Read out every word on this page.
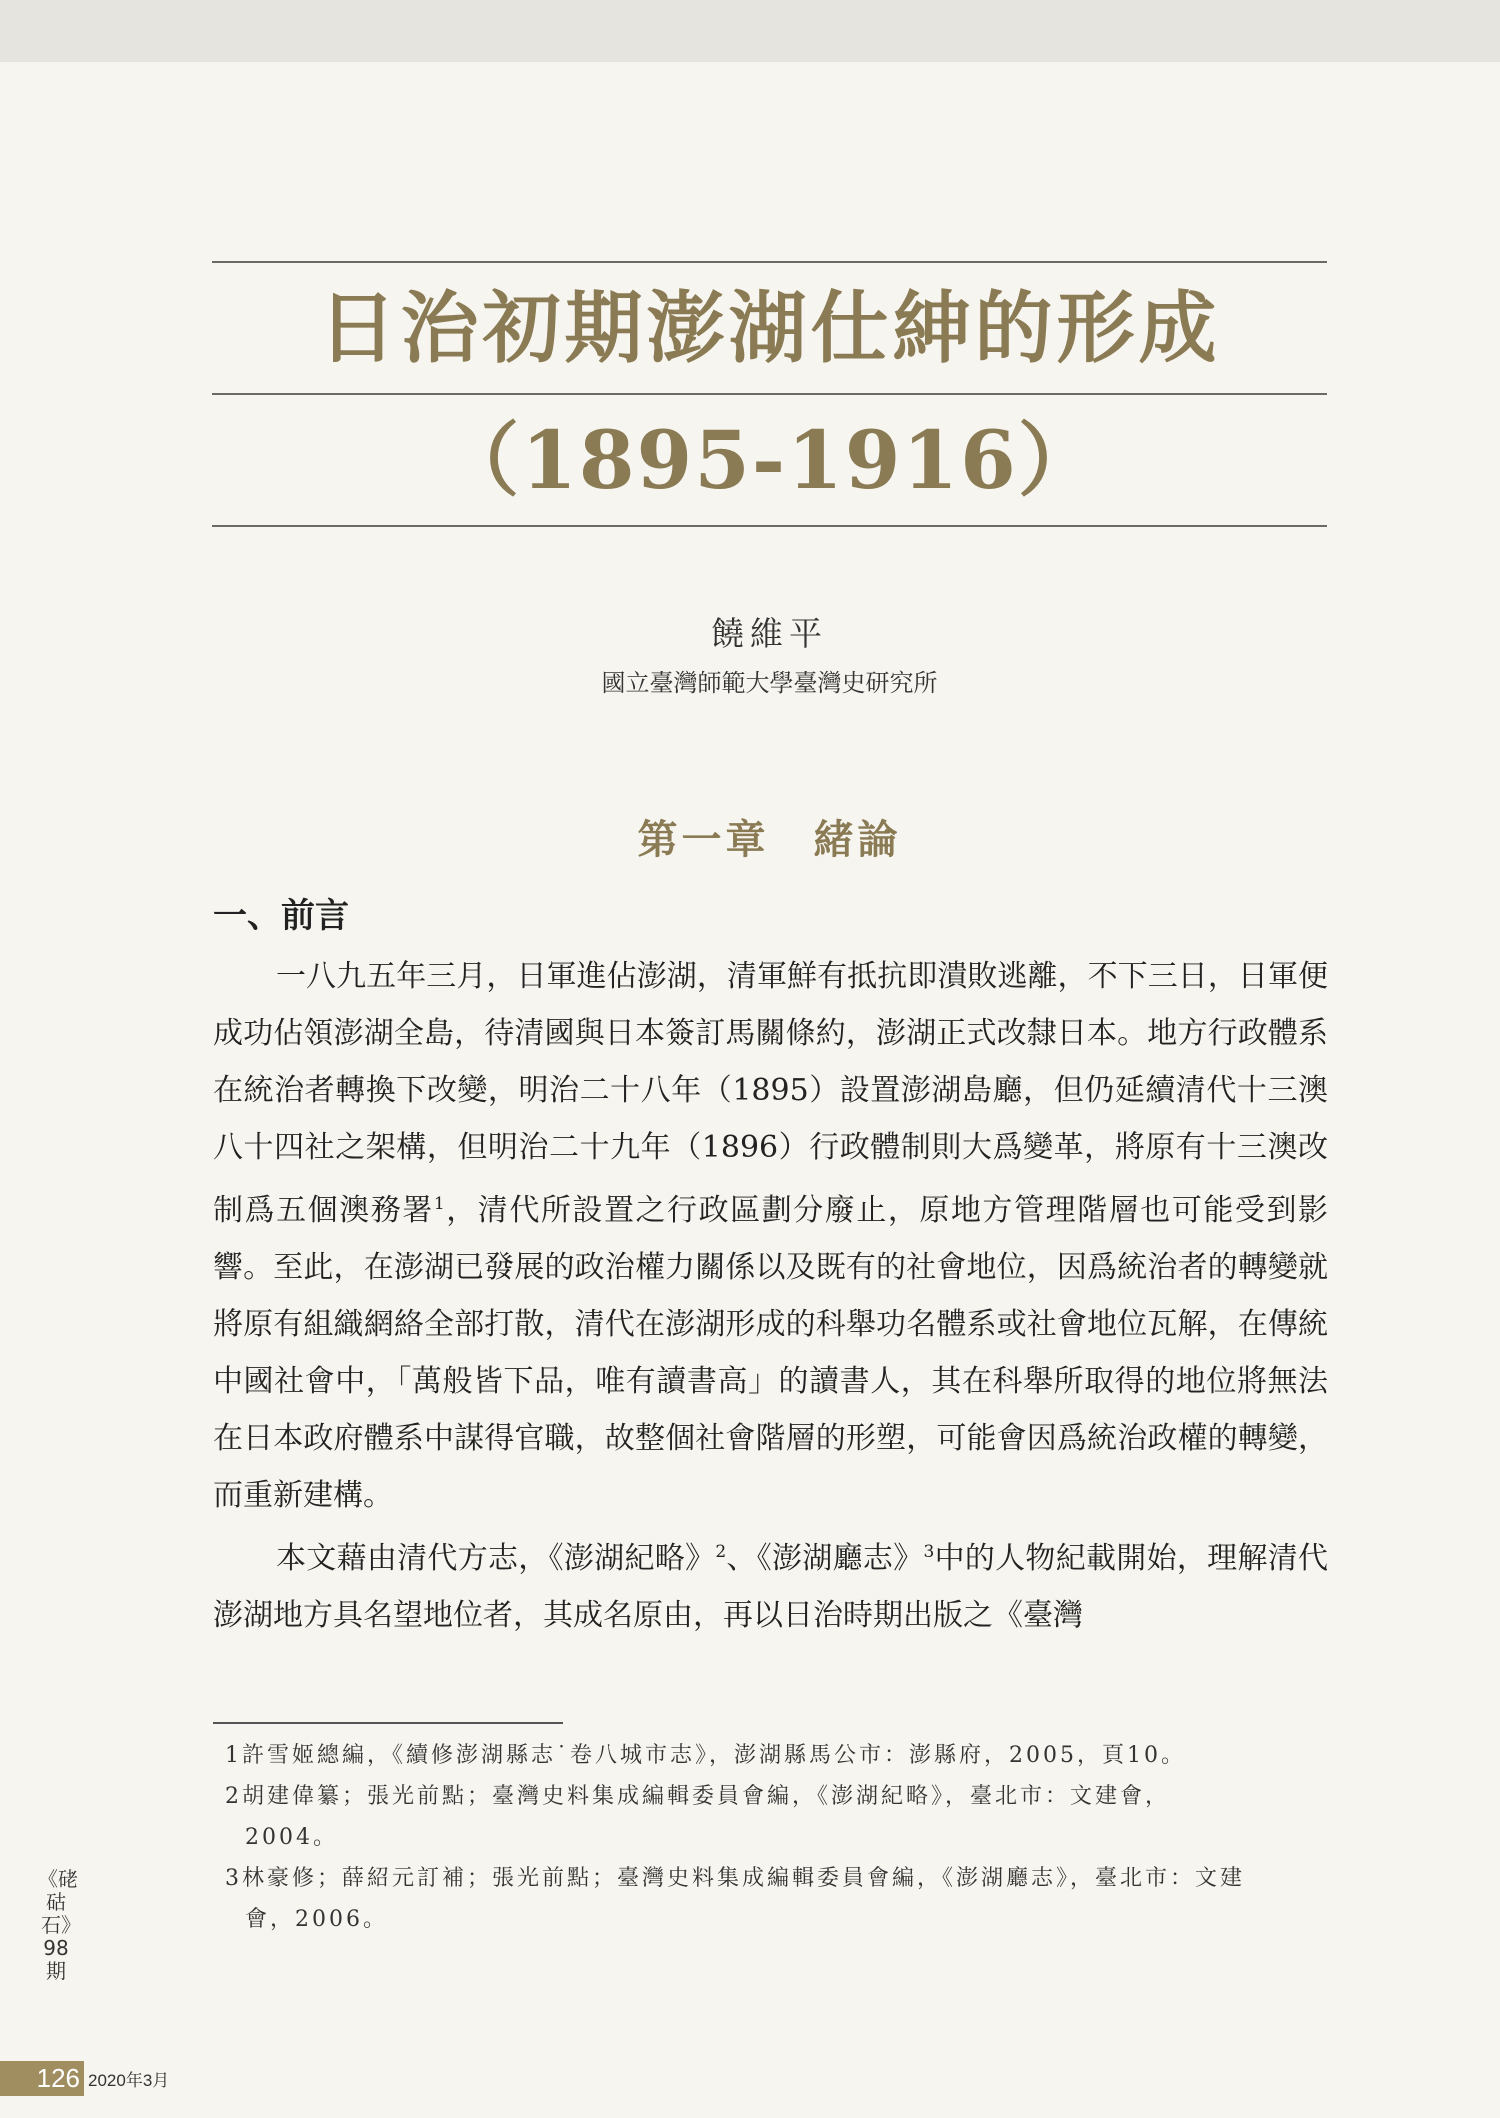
日治初期澎湖仕紳的形成
（1895-1916）
饒維平
國立臺灣師範大學臺灣史研究所
第一章　緒論
一、前言

一八九五年三月，日軍進佔澎湖，清軍鮮有抵抗即潰敗逃離，不下三日，日軍便成功佔領澎湖全島，待清國與日本簽訂馬關條約，澎湖正式改隸日本。地方行政體系在統治者轉換下改變，明治二十八年（1895）設置澎湖島廳，但仍延續清代十三澳八十四社之架構，但明治二十九年（1896）行政體制則大爲變革，將原有十三澳改制爲五個澳務署$^1$，清代所設置之行政區劃分廢止，原地方管理階層也可能受到影響。至此，在澎湖已發展的政治權力關係以及既有的社會地位，因爲統治者的轉變就將原有組織網絡全部打散，清代在澎湖形成的科舉功名體系或社會地位瓦解，在傳統中國社會中，「萬般皆下品，唯有讀書高」的讀書人，其在科舉所取得的地位將無法在日本政府體系中謀得官職，故整個社會階層的形塑，可能會因爲統治政權的轉變，而重新建構。

本文藉由清代方志，《澎湖紀略》$^2$、《澎湖廳志》$^3$中的人物紀載開始，理解清代澎湖地方具名望地位者，其成名原由，再以日治時期出版之《臺灣

1許雪姬總編，《續修澎湖縣志˙卷八城市志》，澎湖縣馬公市：澎縣府，2005，頁10。

2胡建偉纂；張光前點；臺灣史料集成編輯委員會編，《澎湖紀略》，臺北市：文建會，

2004。

3林豪修；薛紹元訂補；張光前點；臺灣史料集成編輯委員會編，《澎湖廳志》，臺北市：文建

會，2006。

《硓𥑮石》98期
126 2020年3月
